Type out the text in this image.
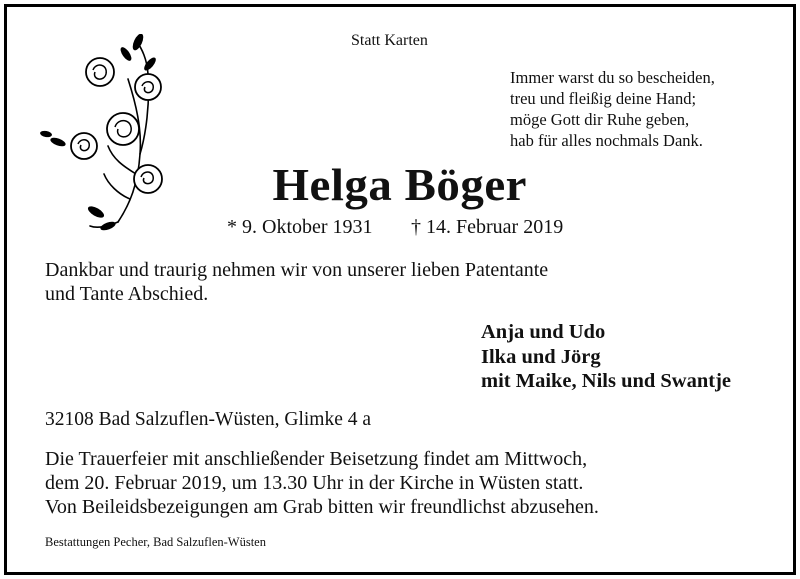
Statt Karten
Immer warst du so bescheiden,
treu und fleißig deine Hand;
möge Gott dir Ruhe geben,
hab für alles nochmals Dank.
Helga Böger
* 9. Oktober 1931 † 14. Februar 2019
Dankbar und traurig nehmen wir von unserer lieben Patentante
und Tante Abschied.
Anja und Udo
Ilka und Jörg
mit Maike, Nils und Swantje
32108 Bad Salzuflen-Wüsten, Glimke 4 a
Die Trauerfeier mit anschließender Beisetzung findet am Mittwoch,
dem 20. Februar 2019, um 13.30 Uhr in der Kirche in Wüsten statt.
Von Beileidsbezeigungen am Grab bitten wir freundlichst abzusehen.
Bestattungen Pecher, Bad Salzuflen-Wüsten
